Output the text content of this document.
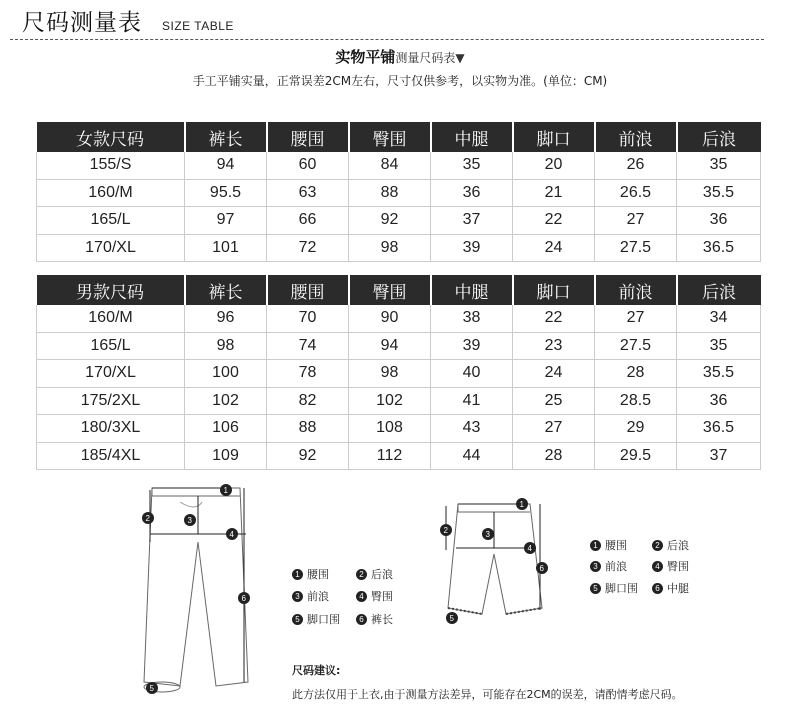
尺码测量表 SIZE TABLE
实物平铺测量尺码表▼
手工平铺实量，正常误差2CM左右，尺寸仅供参考，以实物为准。(单位：CM)
女款尺码	裤长	腰围	臀围	中腿	脚口	前浪	后浪
155/S	94	60	84	35	20	26	35
160/M	95.5	63	88	36	21	26.5	35.5
165/L	97	66	92	37	22	27	36
170/XL	101	72	98	39	24	27.5	36.5
男款尺码	裤长	腰围	臀围	中腿	脚口	前浪	后浪
160/M	96	70	90	38	22	27	34
165/L	98	74	94	39	23	27.5	35
170/XL	100	78	98	40	24	28	35.5
175/2XL	102	82	102	41	25	28.5	36
180/3XL	106	88	108	43	27	29	36.5
185/4XL	109	92	112	44	28	29.5	37
1
2	3
4
5
6
1 腰围	2 后浪
3 前浪	4 臀围
5 脚口围	6 裤长
1
2	3
4
5
6
1 腰围	2 后浪
3 前浪	4 臀围
5 脚口围	6 中腿
尺码建议:
此方法仅用于上衣,由于测量方法差异，可能存在2CM的误差，请酌情考虑尺码。
